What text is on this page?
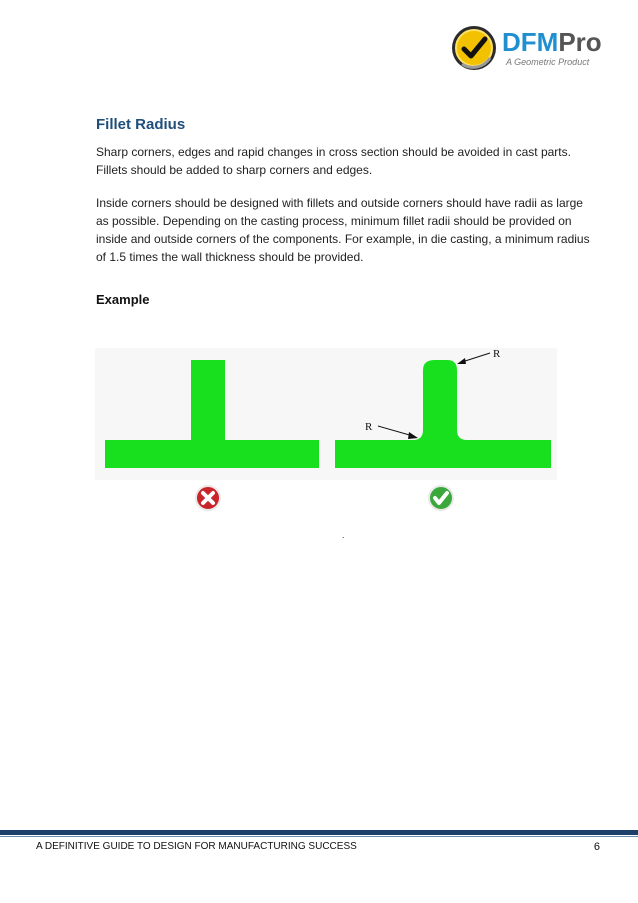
DFMPro
A Geometric Product
Fillet Radius

Sharp corners, edges and rapid changes in cross section should be avoided in cast parts. Fillets should be added to sharp corners and edges.

Inside corners should be designed with fillets and outside corners should have radii as large as possible. Depending on the casting process, minimum fillet radii should be provided on inside and outside corners of the components. For example, in die casting, a minimum radius of 1.5 times the wall thickness should be provided.

Example
R
R
.
A DEFINITIVE GUIDE TO DESIGN FOR MANUFACTURING SUCCESS	6
